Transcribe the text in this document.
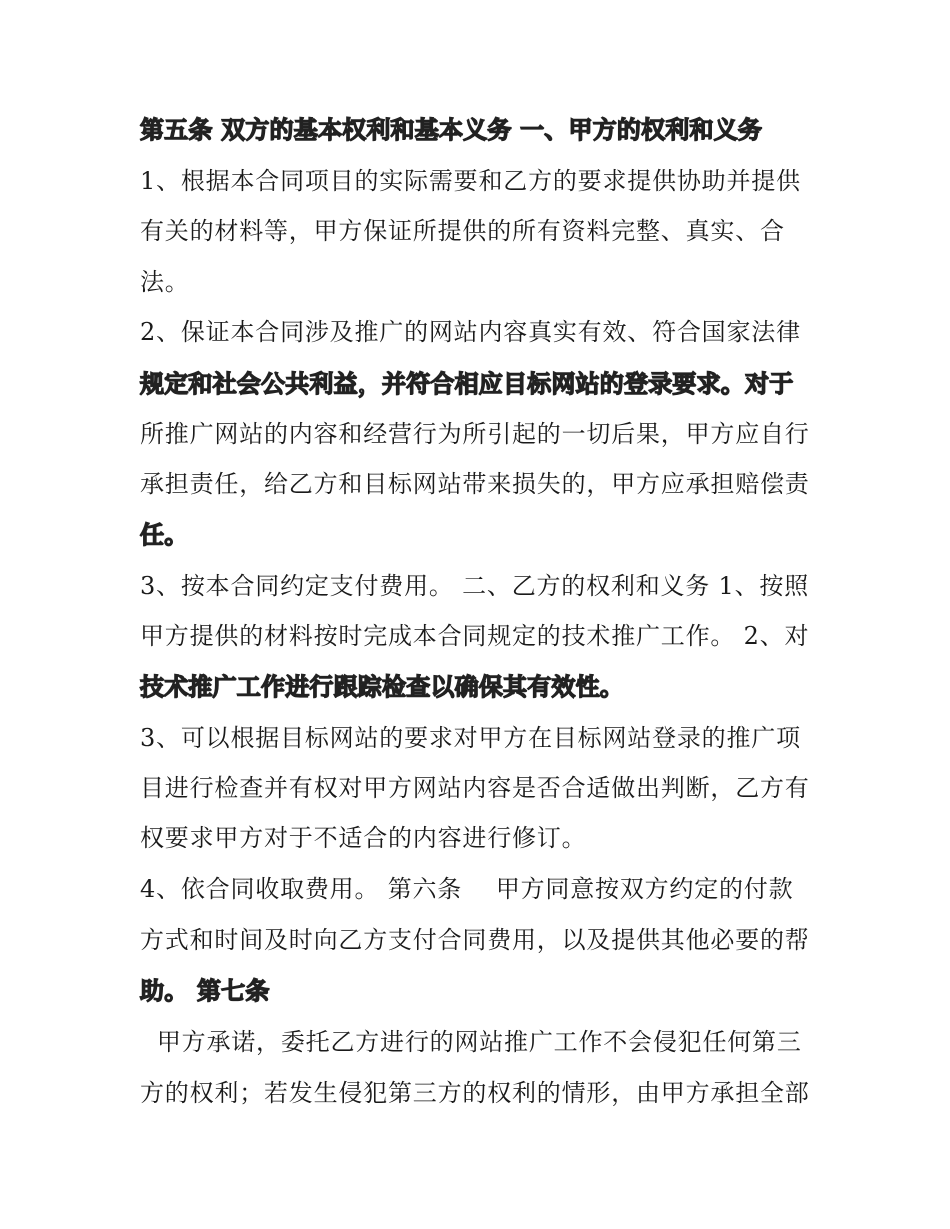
第五条 双方的基本权利和基本义务 一、甲方的权利和义务
1、根据本合同项目的实际需要和乙方的要求提供协助并提供
有关的材料等，甲方保证所提供的所有资料完整、真实、合
法。
2、保证本合同涉及推广的网站内容真实有效、符合国家法律
规定和社会公共利益，并符合相应目标网站的登录要求。对于
所推广网站的内容和经营行为所引起的一切后果，甲方应自行
承担责任，给乙方和目标网站带来损失的，甲方应承担赔偿责
任。
3、按本合同约定支付费用。 二、乙方的权利和义务 1、按照
甲方提供的材料按时完成本合同规定的技术推广工作。 2、对
技术推广工作进行跟踪检查以确保其有效性。
3、可以根据目标网站的要求对甲方在目标网站登录的推广项
目进行检查并有权对甲方网站内容是否合适做出判断，乙方有
权要求甲方对于不适合的内容进行修订。
4、依合同收取费用。 第六条    甲方同意按双方约定的付款
方式和时间及时向乙方支付合同费用，以及提供其他必要的帮
助。 第七条
甲方承诺，委托乙方进行的网站推广工作不会侵犯任何第三
方的权利；若发生侵犯第三方的权利的情形，由甲方承担全部
